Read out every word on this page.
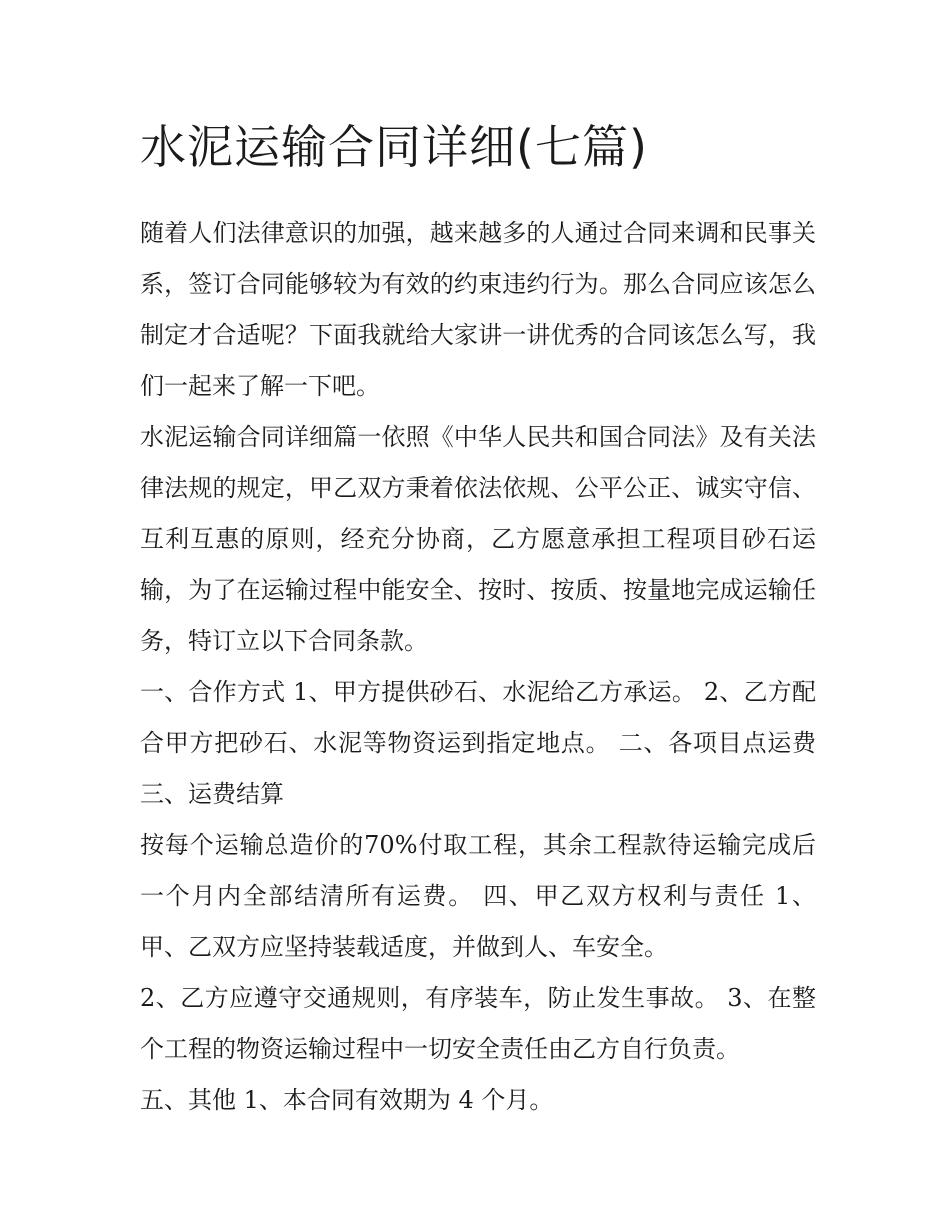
水泥运输合同详细(七篇)

随着人们法律意识的加强，越来越多的人通过合同来调和民事关系，签订合同能够较为有效的约束违约行为。那么合同应该怎么制定才合适呢？下面我就给大家讲一讲优秀的合同该怎么写，我们一起来了解一下吧。

水泥运输合同详细篇一依照《中华人民共和国合同法》及有关法律法规的规定，甲乙双方秉着依法依规、公平公正、诚实守信、互利互惠的原则，经充分协商，乙方愿意承担工程项目砂石运输，为了在运输过程中能安全、按时、按质、按量地完成运输任务，特订立以下合同条款。

一、合作方式 1、甲方提供砂石、水泥给乙方承运。 2、乙方配合甲方把砂石、水泥等物资运到指定地点。 二、各项目点运费 三、运费结算

按每个运输总造价的70%付取工程，其余工程款待运输完成后一个月内全部结清所有运费。 四、甲乙双方权利与责任 1、甲、乙双方应坚持装载适度，并做到人、车安全。

2、乙方应遵守交通规则，有序装车，防止发生事故。 3、在整个工程的物资运输过程中一切安全责任由乙方自行负责。

五、其他 1、本合同有效期为 4 个月。
